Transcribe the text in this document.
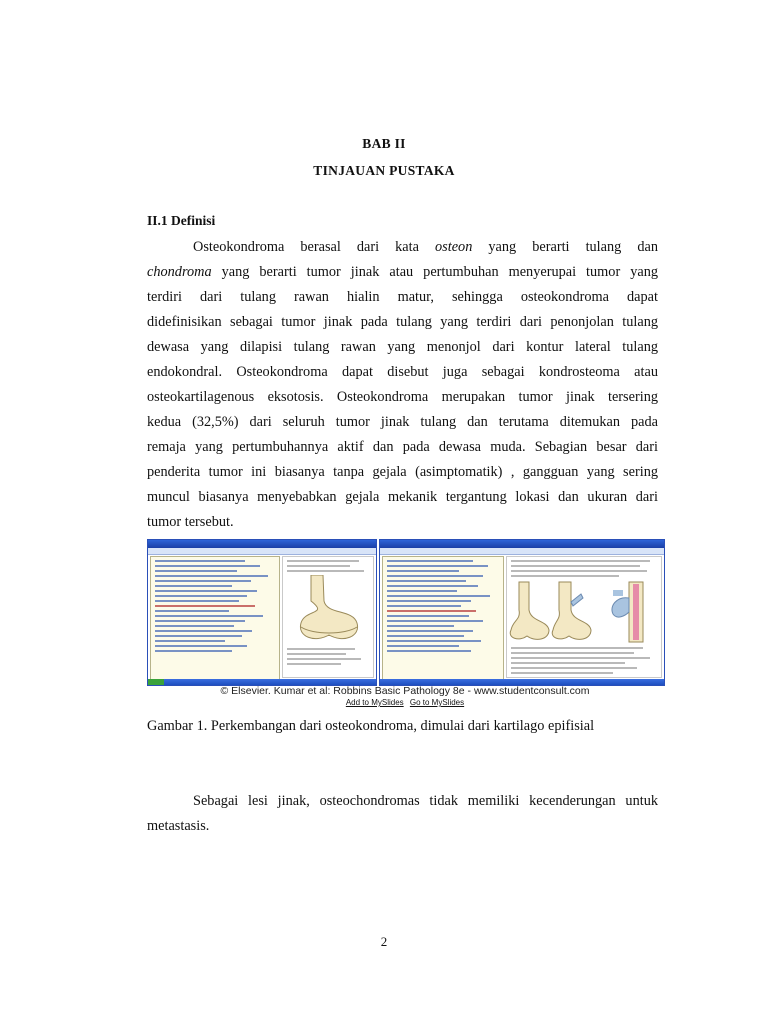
BAB II
TINJAUAN PUSTAKA
II.1 Definisi
Osteokondroma berasal dari kata osteon yang berarti tulang dan
chondroma yang berarti tumor jinak atau pertumbuhan menyerupai tumor yang
terdiri dari tulang rawan hialin matur, sehingga osteokondroma dapat
didefinisikan sebagai tumor jinak pada tulang yang terdiri dari penonjolan tulang
dewasa yang dilapisi tulang rawan yang menonjol dari kontur lateral tulang
endokondral. Osteokondroma dapat disebut juga sebagai kondrosteoma atau
osteokartilagenous eksotosis. Osteokondroma merupakan tumor jinak tersering
kedua (32,5%) dari seluruh tumor jinak tulang dan terutama ditemukan pada
remaja yang pertumbuhannya aktif dan pada dewasa muda. Sebagian besar dari
penderita tumor ini biasanya tanpa gejala (asimptomatik) , gangguan yang sering
muncul biasanya menyebabkan gejala mekanik tergantung lokasi dan ukuran dari
tumor tersebut.
© Elsevier. Kumar et al: Robbins Basic Pathology 8e - www.studentconsult.com
Add to MySlides Go to MySlides
Gambar 1. Perkembangan dari osteokondroma, dimulai dari kartilago epifisial
Sebagai lesi jinak, osteochondromas tidak memiliki kecenderungan untuk
metastasis.
2
